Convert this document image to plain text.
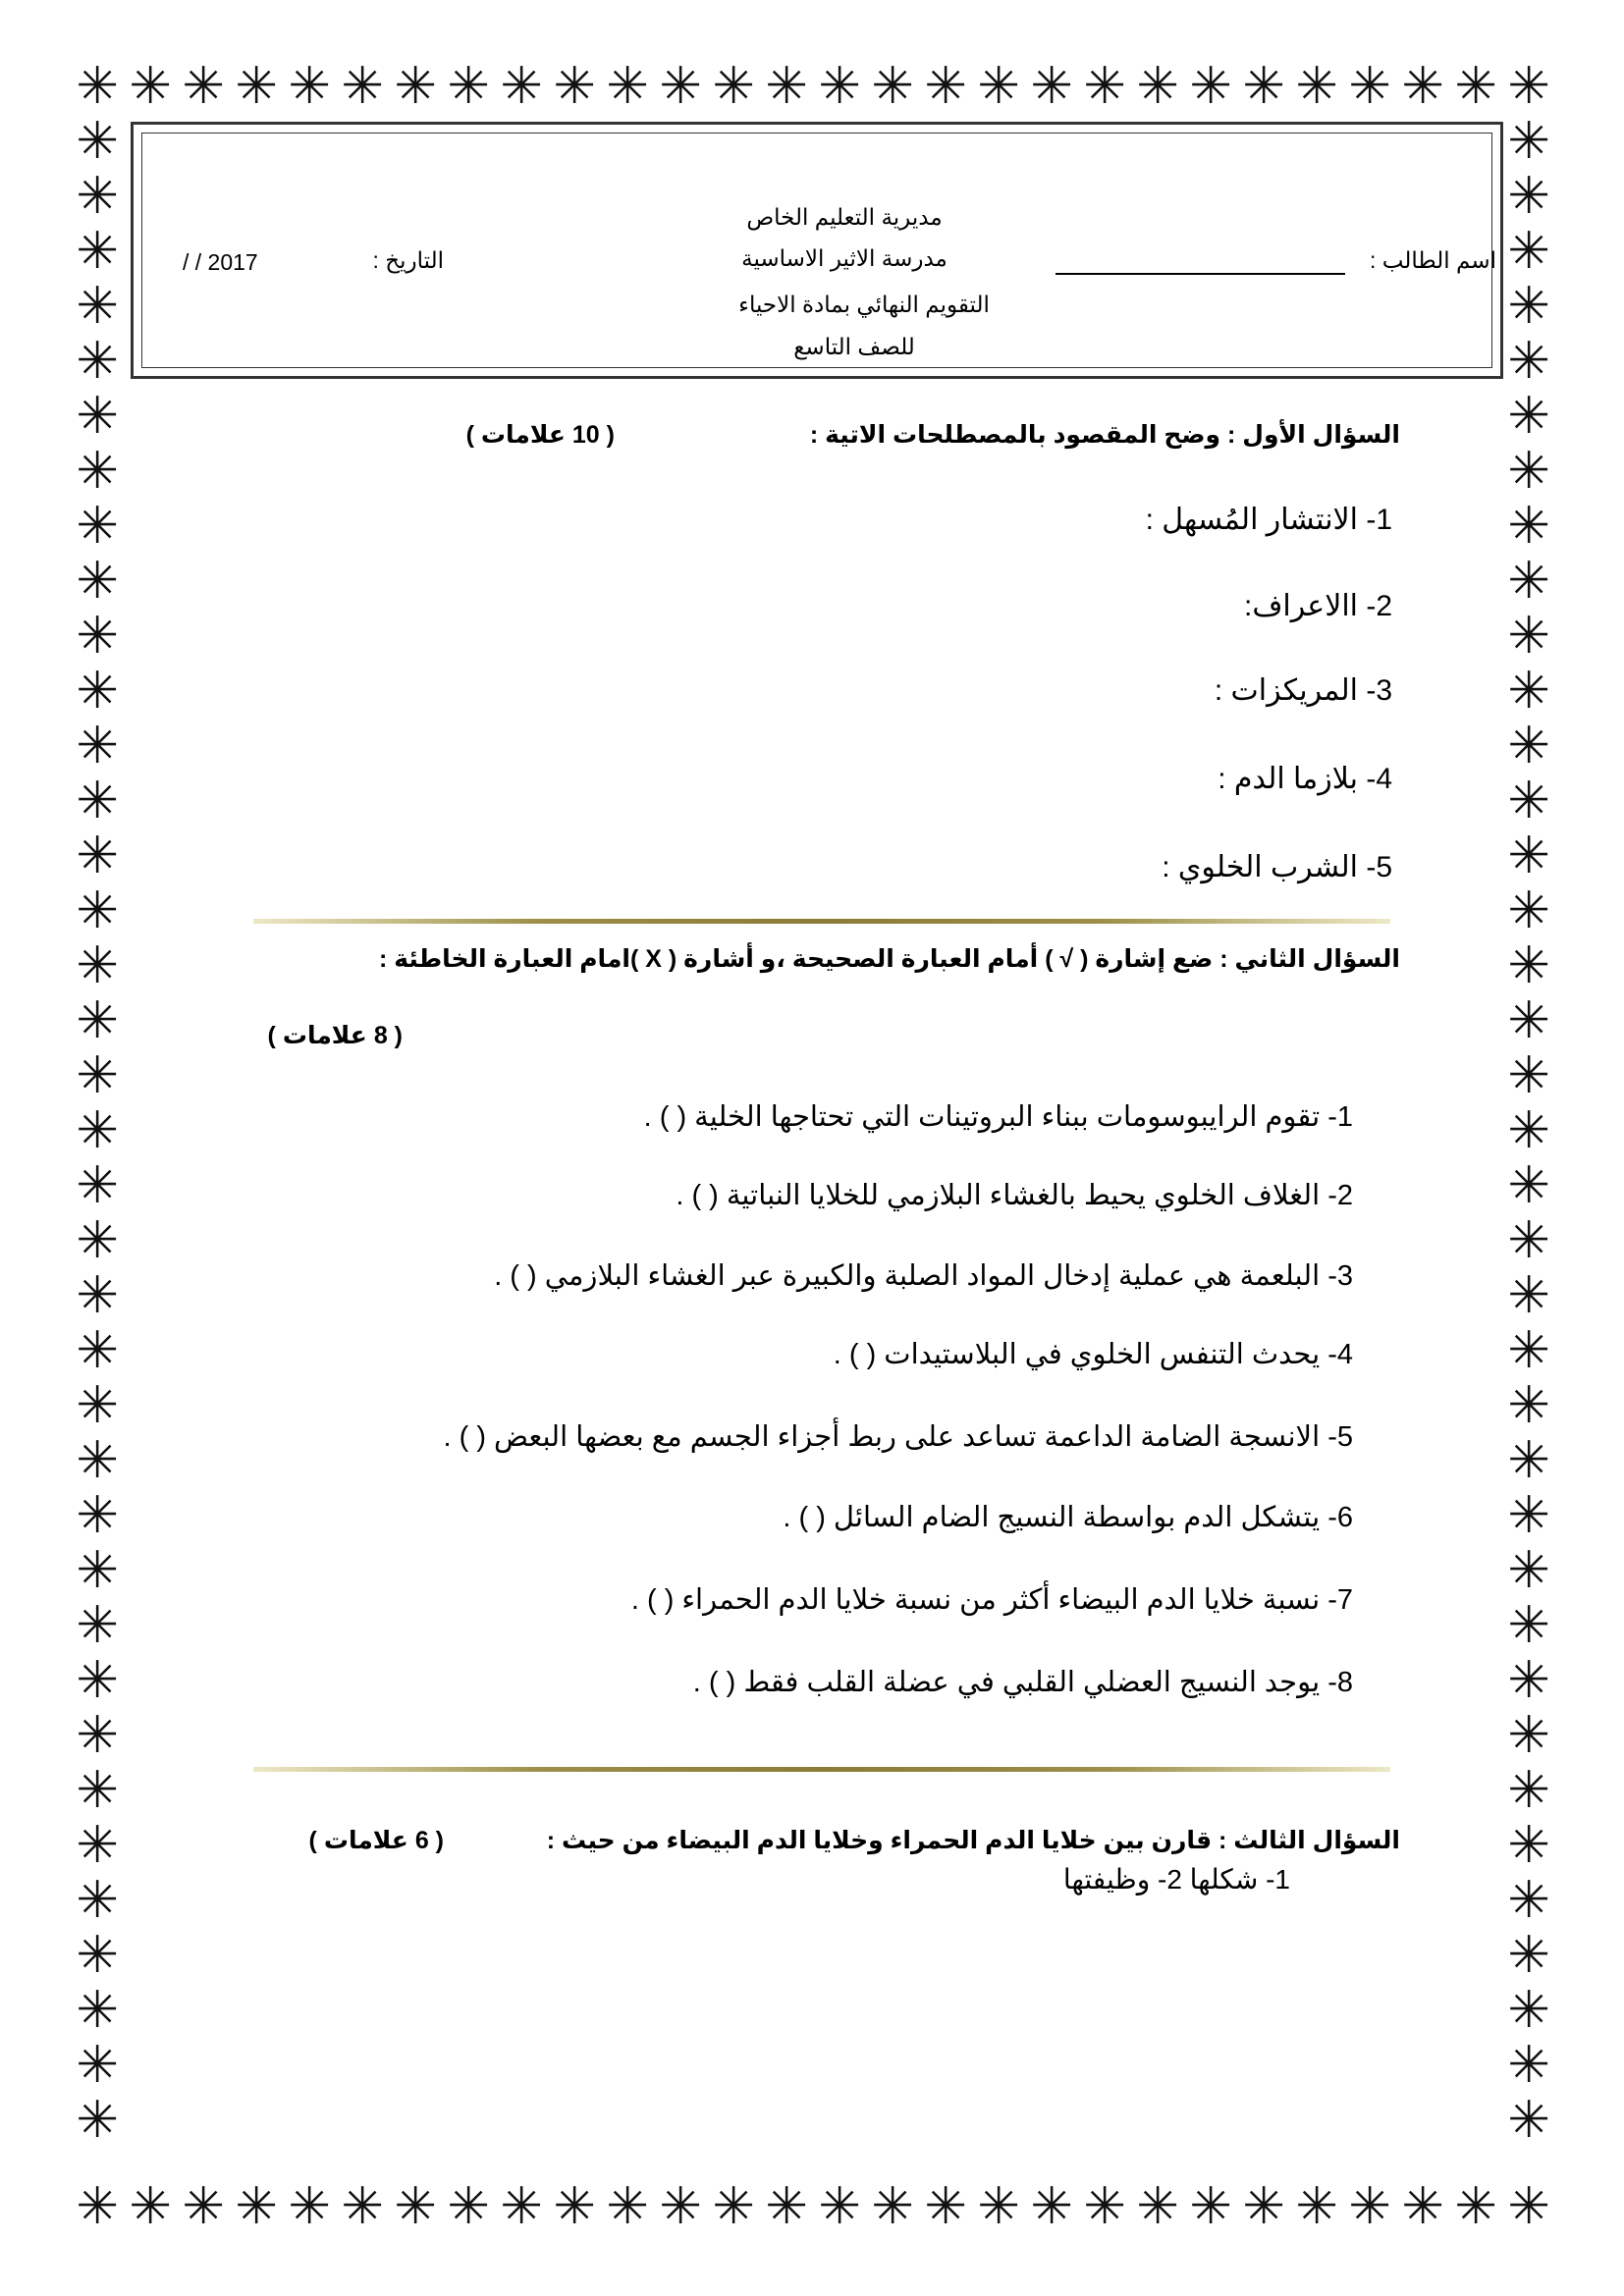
✳ ✳ ✳ ✳ ✳ ✳ ✳ ✳ ✳ ✳ ✳ ✳ ✳ ✳ ✳ ✳ ✳ ✳ ✳ ✳ ✳ ✳ ✳ ✳ ✳ ✳ ✳ ✳
✳ ✳ ✳ ✳ ✳ ✳ ✳ ✳ ✳ ✳ ✳ ✳ ✳ ✳ ✳ ✳ ✳ ✳ ✳ ✳ ✳ ✳ ✳ ✳ ✳ ✳ ✳ ✳
✳
✳
✳
✳
✳
✳
✳
✳
✳
✳
✳
✳
✳
✳
✳
✳
✳
✳
✳
✳
✳
✳
✳
✳
✳
✳
✳
✳
✳
✳
✳
✳
✳
✳
✳
✳
✳
✳
✳
✳
✳
✳
✳
✳
✳
✳
✳
✳
✳
✳
✳
✳
✳
✳
✳
✳
✳
✳
✳
✳
✳
✳
✳
✳
✳
✳
✳
✳
✳
✳
✳
✳
✳
✳
اسم الطالب :
مديرية التعليم الخاص
مدرسة الاثير الاساسية
التقويم النهائي بمادة الاحياء
للصف التاسع
التاريخ :
/ / 2017
السؤال الأول : وضح المقصود بالمصطلحات الاتية :
( 10 علامات )
1- الانتشار المُسهل :
2- االاعراف:
3- المريكزات :
4- بلازما الدم :
5- الشرب الخلوي :
السؤال الثاني : ضع إشارة ( √ ) أمام العبارة الصحيحة ،و أشارة ( X )امام العبارة الخاطئة :
( 8 علامات )
1- تقوم الرايبوسومات ببناء البروتينات التي تحتاجها الخلية ( ) .
2- الغلاف الخلوي يحيط بالغشاء البلازمي للخلايا النباتية ( ) .
3- البلعمة هي عملية إدخال المواد الصلبة والكبيرة عبر الغشاء البلازمي ( ) .
4- يحدث التنفس الخلوي في البلاستيدات ( ) .
5- الانسجة الضامة الداعمة تساعد على ربط أجزاء الجسم مع بعضها البعض ( ) .
6- يتشكل الدم بواسطة النسيج الضام السائل ( ) .
7- نسبة خلايا الدم البيضاء أكثر من نسبة خلايا الدم الحمراء ( ) .
8- يوجد النسيج العضلي القلبي في عضلة القلب فقط ( ) .
السؤال الثالث : قارن بين خلايا الدم الحمراء وخلايا الدم البيضاء من حيث :
( 6 علامات )
1- شكلها 2- وظيفتها
